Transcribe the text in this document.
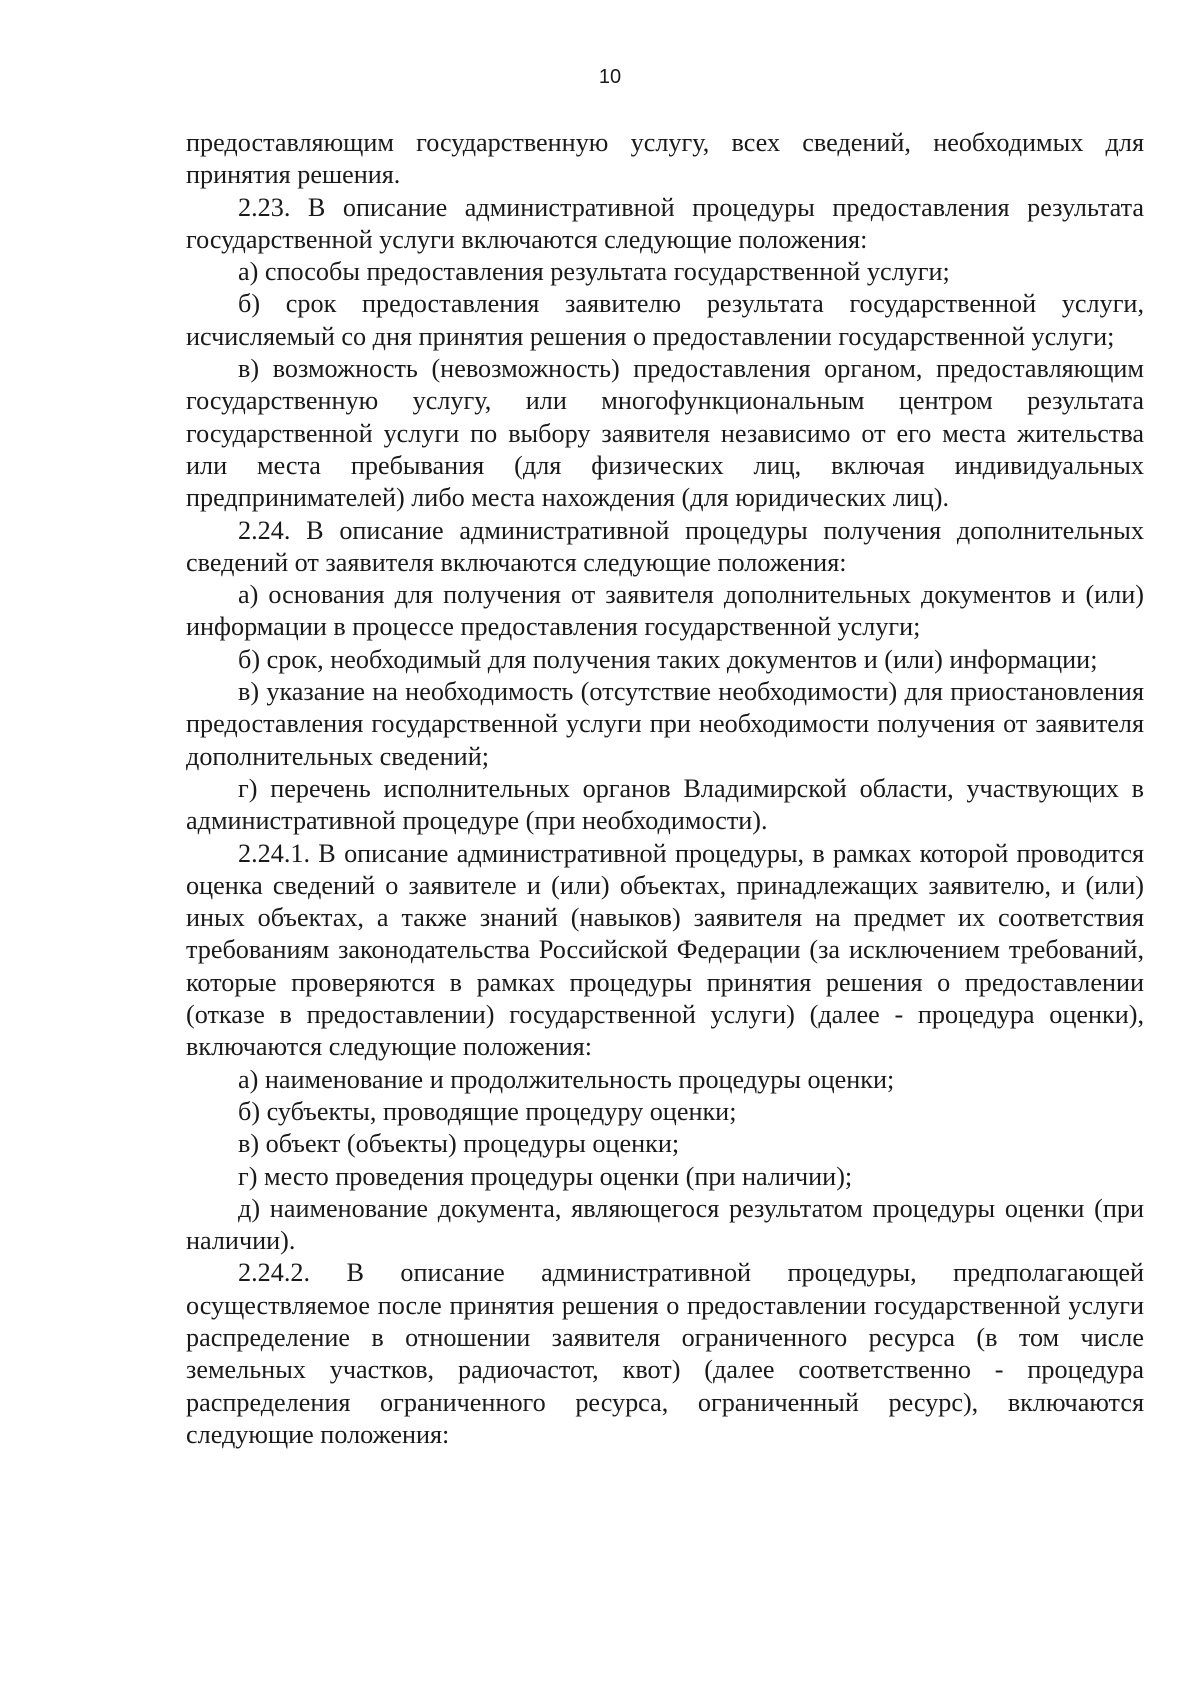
10

предоставляющим государственную услугу, всех сведений, необходимых для принятия решения.

2.23. В описание административной процедуры предоставления результата государственной услуги включаются следующие положения:

а) способы предоставления результата государственной услуги;

б) срок предоставления заявителю результата государственной услуги, исчисляемый со дня принятия решения о предоставлении государственной услуги;

в) возможность (невозможность) предоставления органом, предоставляющим государственную услугу, или многофункциональным центром результата государственной услуги по выбору заявителя независимо от его места жительства или места пребывания (для физических лиц, включая индивидуальных предпринимателей) либо места нахождения (для юридических лиц).

2.24. В описание административной процедуры получения дополнительных сведений от заявителя включаются следующие положения:

а) основания для получения от заявителя дополнительных документов и (или) информации в процессе предоставления государственной услуги;

б) срок, необходимый для получения таких документов и (или) информации;

в) указание на необходимость (отсутствие необходимости) для приостановления предоставления государственной услуги при необходимости получения от заявителя дополнительных сведений;

г) перечень исполнительных органов Владимирской области, участвующих в административной процедуре (при необходимости).

2.24.1. В описание административной процедуры, в рамках которой проводится оценка сведений о заявителе и (или) объектах, принадлежащих заявителю, и (или) иных объектах, а также знаний (навыков) заявителя на предмет их соответствия требованиям законодательства Российской Федерации (за исключением требований, которые проверяются в рамках процедуры принятия решения о предоставлении (отказе в предоставлении) государственной услуги) (далее - процедура оценки), включаются следующие положения:

а) наименование и продолжительность процедуры оценки;

б) субъекты, проводящие процедуру оценки;

в) объект (объекты) процедуры оценки;

г) место проведения процедуры оценки (при наличии);

д) наименование документа, являющегося результатом процедуры оценки (при наличии).

2.24.2. В описание административной процедуры, предполагающей осуществляемое после принятия решения о предоставлении государственной услуги распределение в отношении заявителя ограниченного ресурса (в том числе земельных участков, радиочастот, квот) (далее соответственно - процедура распределения ограниченного ресурса, ограниченный ресурс), включаются следующие положения:
